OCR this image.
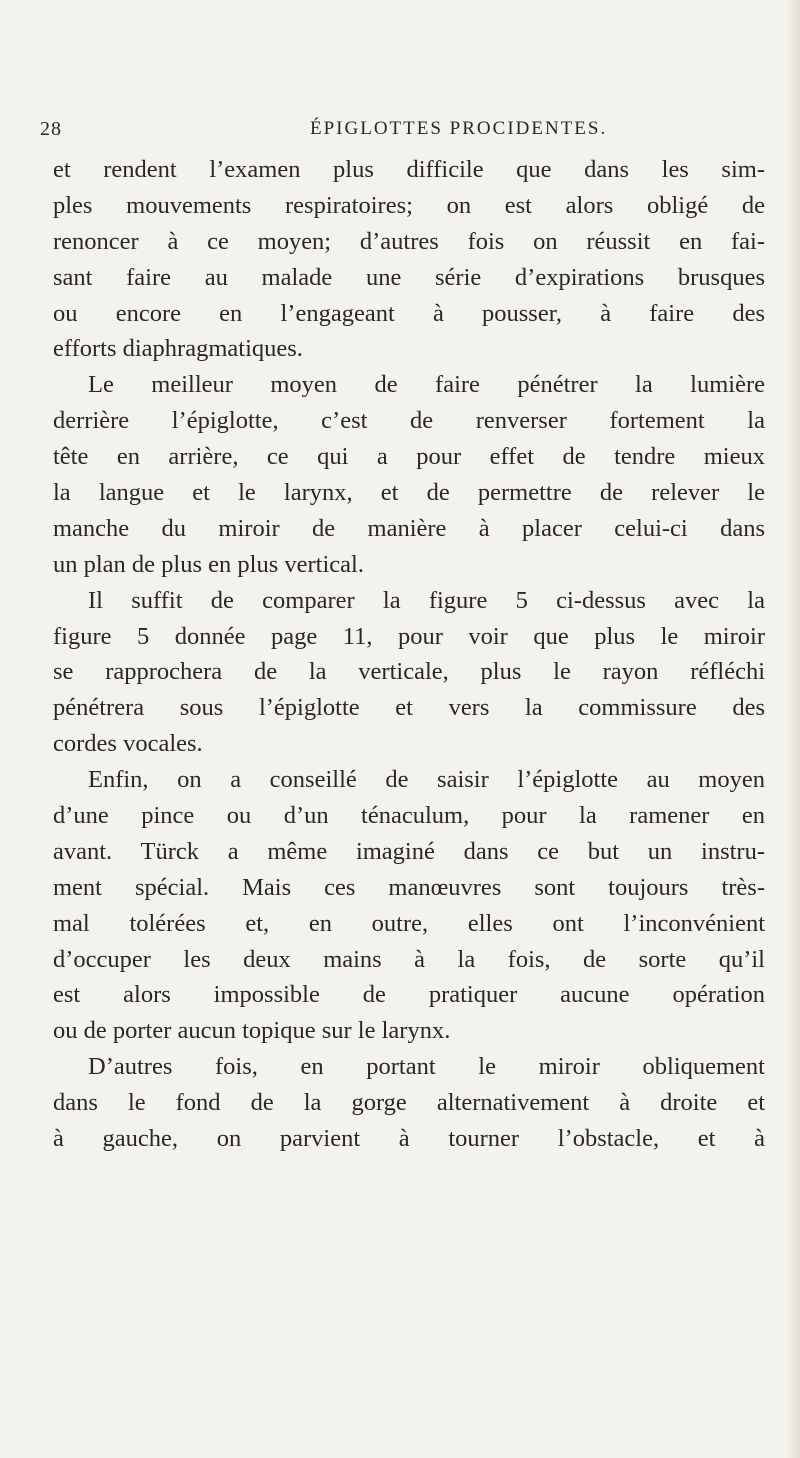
28	ÉPIGLOTTES PROCIDENTES.
et rendent l’examen plus difficile que dans les sim-
ples mouvements respiratoires; on est alors obligé de
renoncer à ce moyen; d’autres fois on réussit en fai-
sant faire au malade une série d’expirations brusques
ou encore en l’engageant à pousser, à faire des
efforts diaphragmatiques.
Le meilleur moyen de faire pénétrer la lumière
derrière l’épiglotte, c’est de renverser fortement la
tête en arrière, ce qui a pour effet de tendre mieux
la langue et le larynx, et de permettre de relever le
manche du miroir de manière à placer celui-ci dans
un plan de plus en plus vertical.
Il suffit de comparer la figure 5 ci-dessus avec la
figure 5 donnée page 11, pour voir que plus le miroir
se rapprochera de la verticale, plus le rayon réfléchi
pénétrera sous l’épiglotte et vers la commissure des
cordes vocales.
Enfin, on a conseillé de saisir l’épiglotte au moyen
d’une pince ou d’un ténaculum, pour la ramener en
avant. Türck a même imaginé dans ce but un instru-
ment spécial. Mais ces manœuvres sont toujours très-
mal tolérées et, en outre, elles ont l’inconvénient
d’occuper les deux mains à la fois, de sorte qu’il
est alors impossible de pratiquer aucune opération
ou de porter aucun topique sur le larynx.
D’autres fois, en portant le miroir obliquement
dans le fond de la gorge alternativement à droite et
à gauche, on parvient à tourner l’obstacle, et à
